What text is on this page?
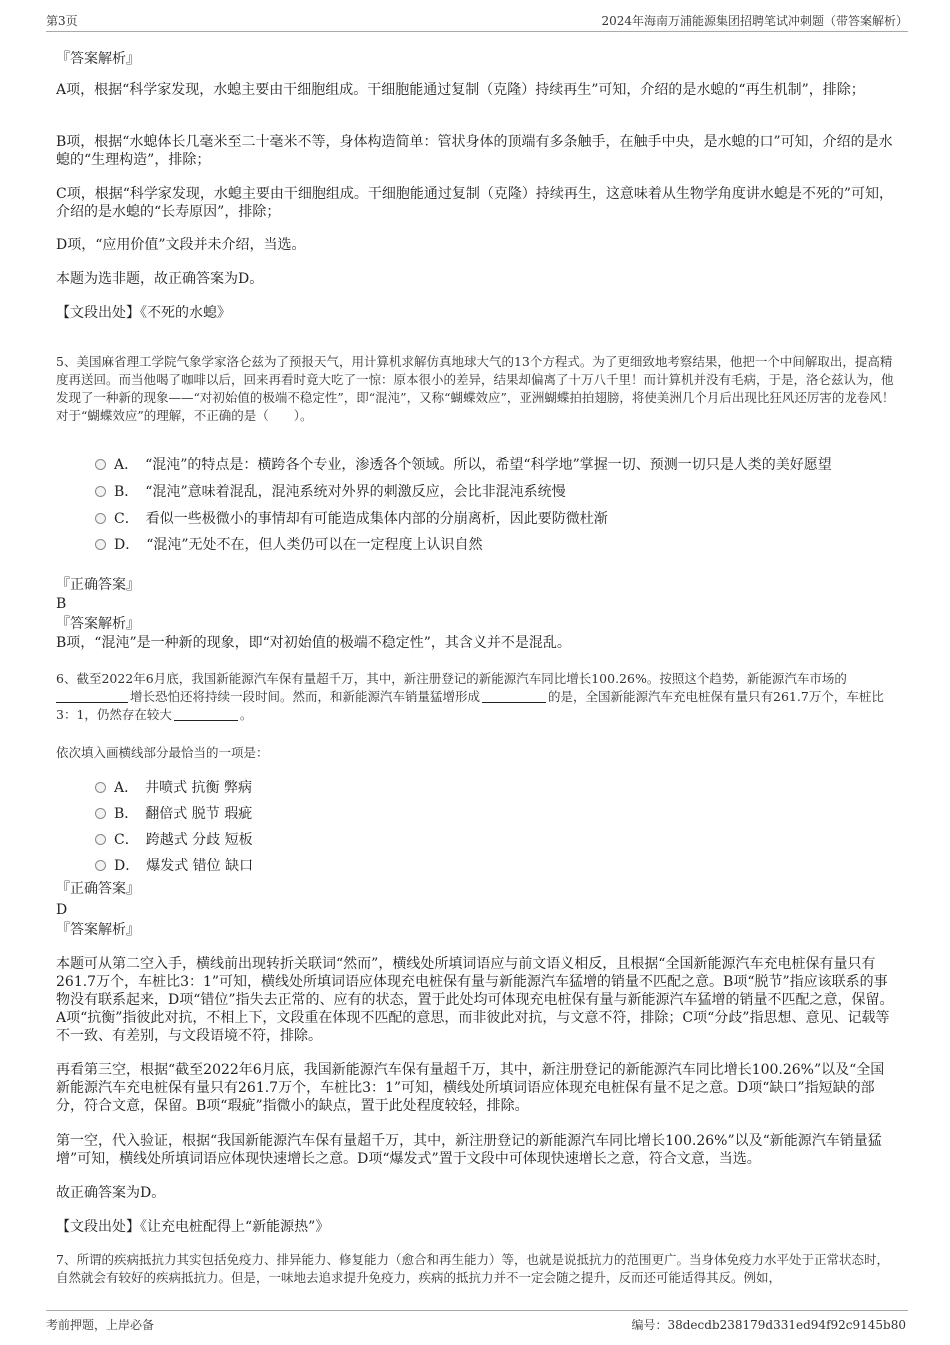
第3页	2024年海南万浦能源集团招聘笔试冲刺题（带答案解析）

『答案解析』

A项，根据“科学家发现，水螅主要由干细胞组成。干细胞能通过复制（克隆）持续再生”可知，介绍的是水螅的“再生机制”，排除；

B项，根据“水螅体长几毫米至二十毫米不等，身体构造简单：管状身体的顶端有多条触手，在触手中央，是水螅的口”可知，介绍的是水螅的“生理构造”，排除；

C项，根据“科学家发现，水螅主要由干细胞组成。干细胞能通过复制（克隆）持续再生，这意味着从生物学角度讲水螅是不死的”可知，介绍的是水螅的“长寿原因”，排除；

D项，“应用价值”文段并未介绍，当选。

本题为选非题，故正确答案为D。

【文段出处】《不死的水螅》

5、美国麻省理工学院气象学家洛仑兹为了预报天气，用计算机求解仿真地球大气的13个方程式。为了更细致地考察结果，他把一个中间解取出，提高精度再送回。而当他喝了咖啡以后，回来再看时竟大吃了一惊：原本很小的差异，结果却偏离了十万八千里！而计算机并没有毛病，于是，洛仑兹认为，他发现了一种新的现象——“对初始值的极端不稳定性”，即“混沌”，又称“蝴蝶效应”，亚洲蝴蝶拍拍翅膀，将使美洲几个月后出现比狂风还厉害的龙卷风！

对于“蝴蝶效应”的理解，不正确的是（　　）。

A．　“混沌”的特点是：横跨各个专业，渗透各个领域。所以，希望“科学地”掌握一切、预测一切只是人类的美好愿望
B．　“混沌”意味着混乱，混沌系统对外界的刺激反应，会比非混沌系统慢
C．　看似一些极微小的事情却有可能造成集体内部的分崩离析，因此要防微杜渐
D．　“混沌”无处不在，但人类仍可以在一定程度上认识自然

『正确答案』

B

『答案解析』

B项，“混沌”是一种新的现象，即“对初始值的极端不稳定性”，其含义并不是混乱。

6、截至2022年6月底，我国新能源汽车保有量超千万，其中，新注册登记的新能源汽车同比增长100.26%。按照这个趋势，新能源汽车市场的增长恐怕还将持续一段时间。然而，和新能源汽车销量猛增形成	的是，全国新能源汽车充电桩保有量只有261.7万个，车桩比3：1，仍然存在较大	。

依次填入画横线部分最恰当的一项是：

A．　井喷式 抗衡 弊病
B．　翻倍式 脱节 瑕疵
C．　跨越式 分歧 短板
D．　爆发式 错位 缺口

『正确答案』

D

『答案解析』

本题可从第二空入手，横线前出现转折关联词“然而”，横线处所填词语应与前文语义相反，且根据“全国新能源汽车充电桩保有量只有261.7万个，车桩比3：1”可知，横线处所填词语应体现充电桩保有量与新能源汽车猛增的销量不匹配之意。B项“脱节”指应该联系的事物没有联系起来，D项“错位”指失去正常的、应有的状态，置于此处均可体现充电桩保有量与新能源汽车猛增的销量不匹配之意，保留。A项“抗衡”指彼此对抗，不相上下，文段重在体现不匹配的意思，而非彼此对抗，与文意不符，排除；C项“分歧”指思想、意见、记载等不一致、有差别，与文段语境不符，排除。

再看第三空，根据“截至2022年6月底，我国新能源汽车保有量超千万，其中，新注册登记的新能源汽车同比增长100.26%”以及“全国新能源汽车充电桩保有量只有261.7万个，车桩比3：1”可知，横线处所填词语应体现充电桩保有量不足之意。D项“缺口”指短缺的部分，符合文意，保留。B项“瑕疵”指微小的缺点，置于此处程度较轻，排除。

第一空，代入验证，根据“我国新能源汽车保有量超千万，其中，新注册登记的新能源汽车同比增长100.26%”以及“新能源汽车销量猛增”可知，横线处所填词语应体现快速增长之意。D项“爆发式”置于文段中可体现快速增长之意，符合文意，当选。

故正确答案为D。

【文段出处】《让充电桩配得上“新能源热”》

7、所谓的疾病抵抗力其实包括免疫力、排异能力、修复能力（愈合和再生能力）等，也就是说抵抗力的范围更广。当身体免疫力水平处于正常状态时，自然就会有较好的疾病抵抗力。但是，一味地去追求提升免疫力，疾病的抵抗力并不一定会随之提升，反而还可能适得其反。例如，

考前押题，上岸必备	编号：38decdb238179d331ed94f92c9145b80
